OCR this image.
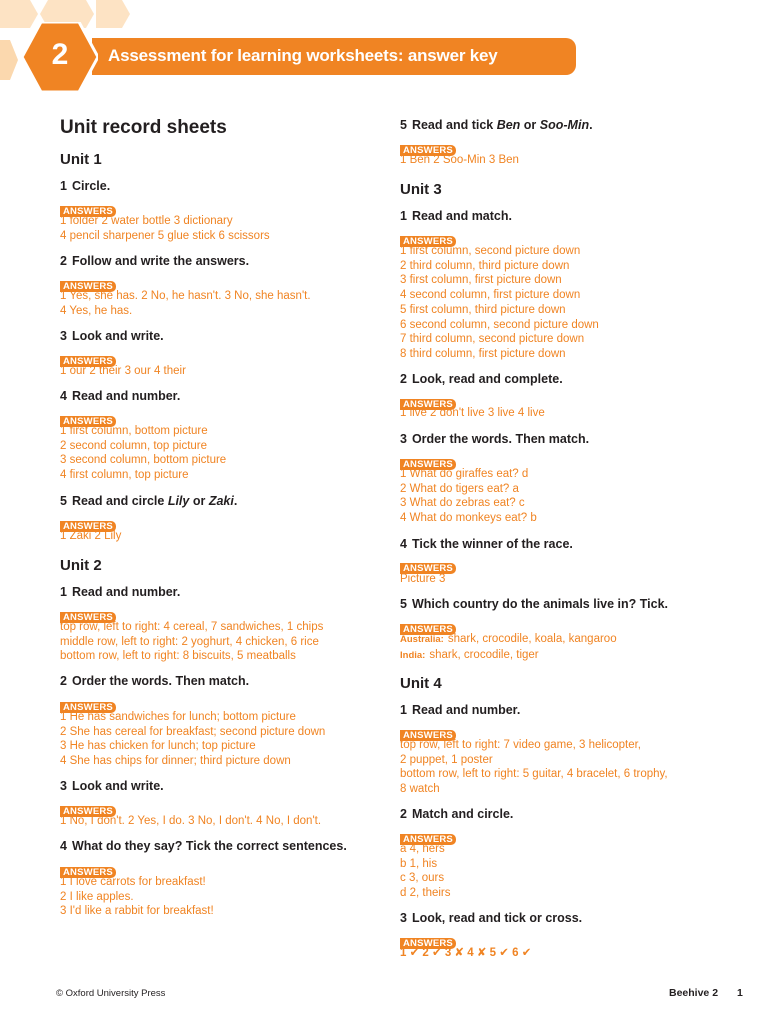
Assessment for learning worksheets: answer key
2
Unit record sheets
Unit 1
1 Circle.
ANSWERS
1 folder 2 water bottle 3 dictionary
4 pencil sharpener 5 glue stick 6 scissors
2 Follow and write the answers.
ANSWERS
1 Yes, she has. 2 No, he hasn't. 3 No, she hasn't.
4 Yes, he has.
3 Look and write.
ANSWERS
1 our 2 their 3 our 4 their
4 Read and number.
ANSWERS
1 first column, bottom picture
2 second column, top picture
3 second column, bottom picture
4 first column, top picture
5 Read and circle Lily or Zaki.
ANSWERS
1 Zaki 2 Lily
Unit 2
1 Read and number.
ANSWERS
top row, left to right: 4 cereal, 7 sandwiches, 1 chips
middle row, left to right: 2 yoghurt, 4 chicken, 6 rice
bottom row, left to right: 8 biscuits, 5 meatballs
2 Order the words. Then match.
ANSWERS
1 He has sandwiches for lunch; bottom picture
2 She has cereal for breakfast; second picture down
3 He has chicken for lunch; top picture
4 She has chips for dinner; third picture down
3 Look and write.
ANSWERS
1 No, I don't. 2 Yes, I do. 3 No, I don't. 4 No, I don't.
4 What do they say? Tick the correct sentences.
ANSWERS
1 I love carrots for breakfast!
2 I like apples.
3 I'd like a rabbit for breakfast!
5 Read and tick Ben or Soo-Min.
ANSWERS
1 Ben 2 Soo-Min 3 Ben
Unit 3
1 Read and match.
ANSWERS
1 first column, second picture down
2 third column, third picture down
3 first column, first picture down
4 second column, first picture down
5 first column, third picture down
6 second column, second picture down
7 third column, second picture down
8 third column, first picture down
2 Look, read and complete.
ANSWERS
1 live 2 don't live 3 live 4 live
3 Order the words. Then match.
ANSWERS
1 What do giraffes eat? d
2 What do tigers eat? a
3 What do zebras eat? c
4 What do monkeys eat? b
4 Tick the winner of the race.
ANSWERS
Picture 3
5 Which country do the animals live in? Tick.
ANSWERS
Australia: shark, crocodile, koala, kangaroo
India: shark, crocodile, tiger
Unit 4
1 Read and number.
ANSWERS
top row, left to right: 7 video game, 3 helicopter,
2 puppet, 1 poster
bottom row, left to right: 5 guitar, 4 bracelet, 6 trophy,
8 watch
2 Match and circle.
ANSWERS
a 4, hers
b 1, his
c 3, ours
d 2, theirs
3 Look, read and tick or cross.
ANSWERS
1 ✔ 2 ✔ 3 ✘ 4 ✘ 5 ✔ 6 ✔
© Oxford University Press	Beehive 2 1
